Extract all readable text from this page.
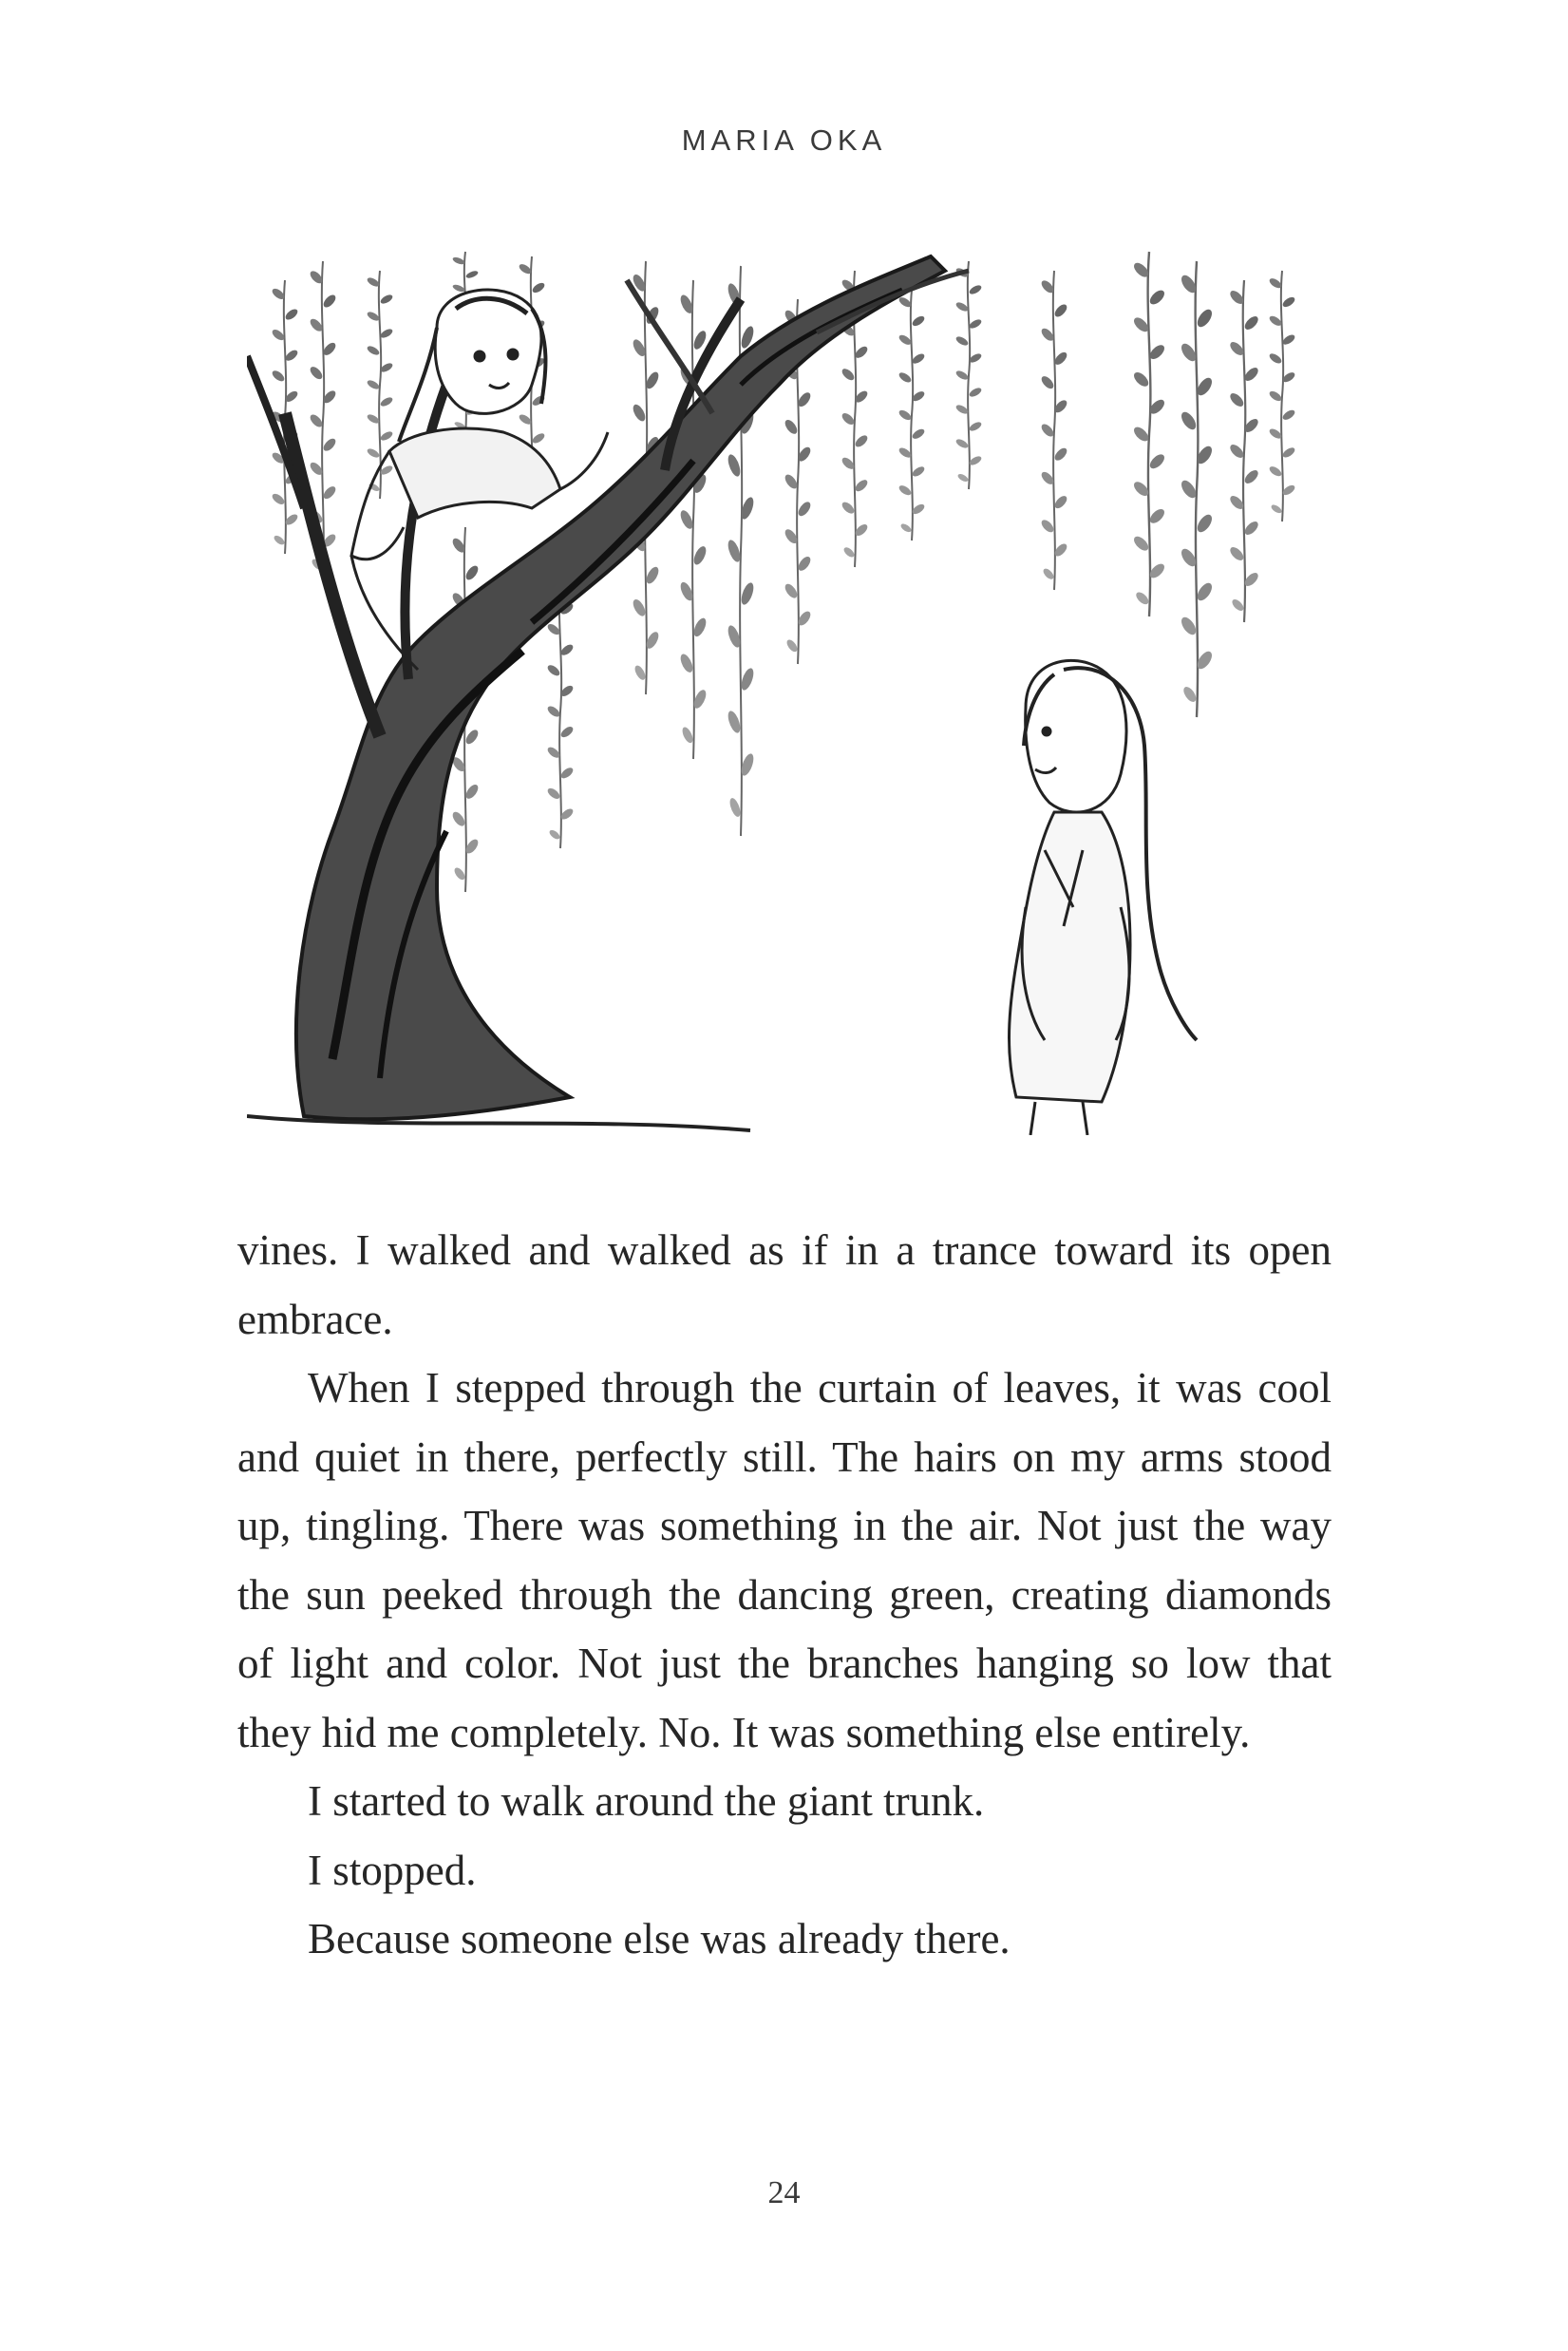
MARIA OKA

vines. I walked and walked as if in a trance toward its open embrace.

When I stepped through the curtain of leaves, it was cool and quiet in there, perfectly still. The hairs on my arms stood up, tingling. There was something in the air. Not just the way the sun peeked through the dancing green, creating diamonds of light and color. Not just the branches hanging so low that they hid me completely. No. It was something else entirely.

I started to walk around the giant trunk.

I stopped.

Because someone else was already there.

24
